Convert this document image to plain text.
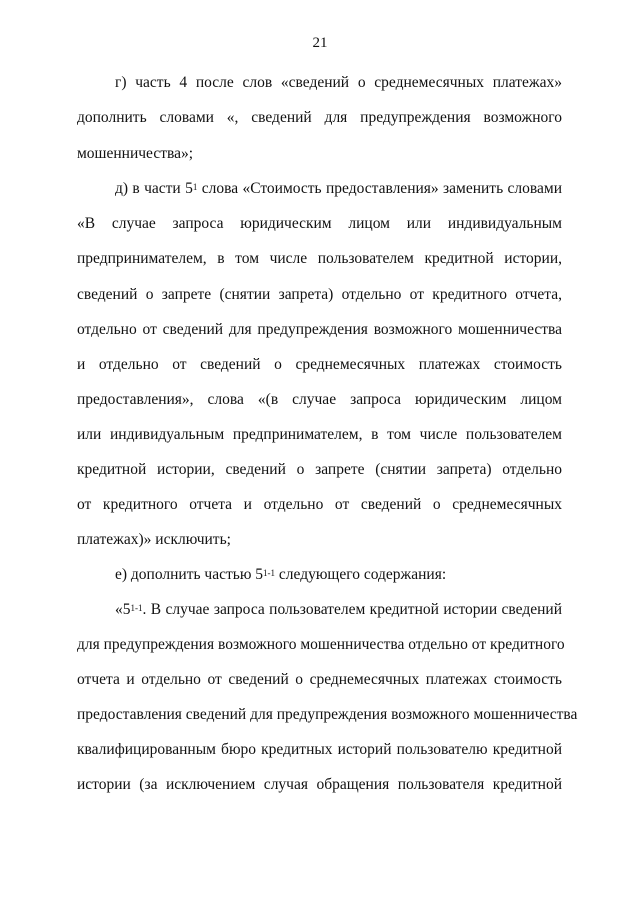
21
г) часть 4 после слов «сведений о среднемесячных платежах»
дополнить словами «, сведений для предупреждения возможного
мошенничества»;
д) в части $5^1$ слова «Стоимость предоставления» заменить словами
«В случае запроса юридическим лицом или индивидуальным
предпринимателем, в том числе пользователем кредитной истории,
сведений о запрете (снятии запрета) отдельно от кредитного отчета,
отдельно от сведений для предупреждения возможного мошенничества
и отдельно от сведений о среднемесячных платежах стоимость
предоставления», слова «(в случае запроса юридическим лицом
или индивидуальным предпринимателем, в том числе пользователем
кредитной истории, сведений о запрете (снятии запрета) отдельно
от кредитного отчета и отдельно от сведений о среднемесячных
платежах)» исключить;
е) дополнить частью 5$^{1-1}$ следующего содержания:
«5$^{1-1}$. В случае запроса пользователем кредитной истории сведений
для предупреждения возможного мошенничества отдельно от кредитного
отчета и отдельно от сведений о среднемесячных платежах стоимость
предоставления сведений для предупреждения возможного мошенничества
квалифицированным бюро кредитных историй пользователю кредитной
истории (за исключением случая обращения пользователя кредитной
